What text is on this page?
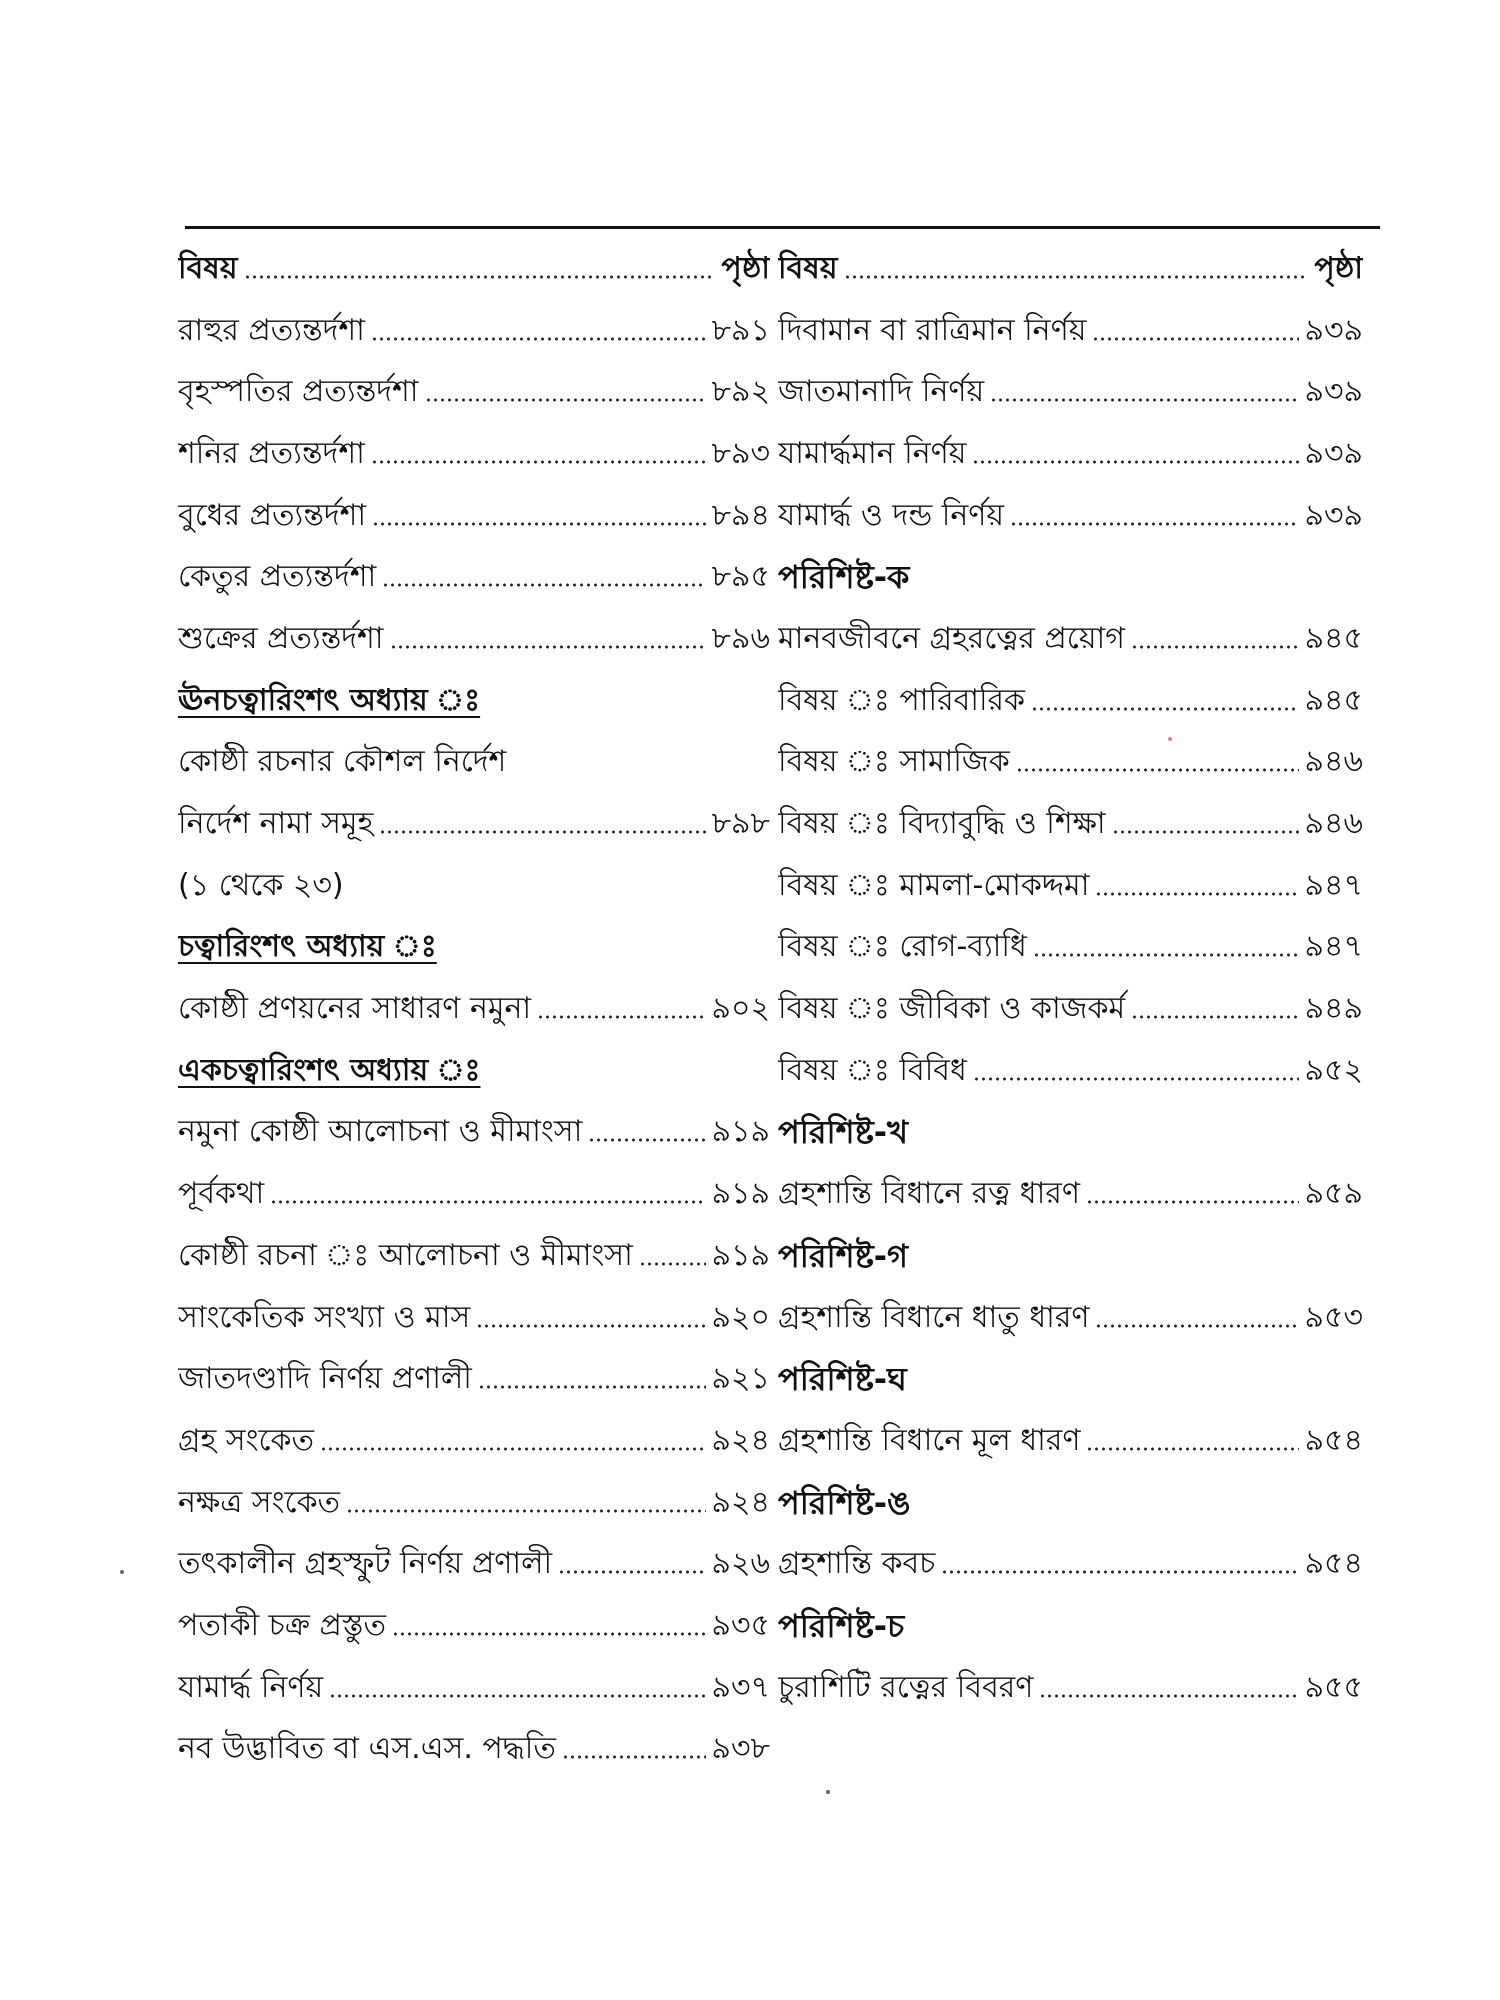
বিষয়	পৃষ্ঠা
রাহুর প্রত্যন্তর্দশা	৮৯১
বৃহস্পতির প্রত্যন্তর্দশা	৮৯২
শনির প্রত্যন্তর্দশা	৮৯৩
বুধের প্রত্যন্তর্দশা	৮৯৪
কেতুর প্রত্যন্তর্দশা	৮৯৫
শুক্রের প্রত্যন্তর্দশা	৮৯৬
ঊনচত্বারিংশৎ অধ্যায় ঃ
কোষ্ঠী রচনার কৌশল নির্দেশ
নির্দেশ নামা সমূহ	৮৯৮
(১ থেকে ২৩)
চত্বারিংশৎ অধ্যায় ঃ
কোষ্ঠী প্রণয়নের সাধারণ নমুনা	৯০২
একচত্বারিংশৎ অধ্যায় ঃ
নমুনা কোষ্ঠী আলোচনা ও মীমাংসা	৯১৯
পূর্বকথা	৯১৯
কোষ্ঠী রচনা ঃ আলোচনা ও মীমাংসা	৯১৯
সাংকেতিক সংখ্যা ও মাস	৯২০
জাতদণ্ডাদি নির্ণয় প্রণালী	৯২১
গ্রহ সংকেত	৯২৪
নক্ষত্র সংকেত	৯২৪
তৎকালীন গ্রহস্ফুট নির্ণয় প্রণালী	৯২৬
পতাকী চক্র প্রস্তুত	৯৩৫
যামার্দ্ধ নির্ণয়	৯৩৭
নব উদ্ভাবিত বা এস.এস. পদ্ধতি	৯৩৮
বিষয়	পৃষ্ঠা
দিবামান বা রাত্রিমান নির্ণয়	৯৩৯
জাতমানাদি নির্ণয়	৯৩৯
যামার্দ্ধমান নির্ণয়	৯৩৯
যামার্দ্ধ ও দন্ড নির্ণয়	৯৩৯
পরিশিষ্ট-ক
মানবজীবনে গ্রহরত্নের প্রয়োগ	৯৪৫
বিষয় ঃ পারিবারিক	৯৪৫
বিষয় ঃ সামাজিক	৯৪৬
বিষয় ঃ বিদ্যাবুদ্ধি ও শিক্ষা	৯৪৬
বিষয় ঃ মামলা-মোকদ্দমা	৯৪৭
বিষয় ঃ রোগ-ব্যাধি	৯৪৭
বিষয় ঃ জীবিকা ও কাজকর্ম	৯৪৯
বিষয় ঃ বিবিধ	৯৫২
পরিশিষ্ট-খ
গ্রহশান্তি বিধানে রত্ন ধারণ	৯৫৯
পরিশিষ্ট-গ
গ্রহশান্তি বিধানে ধাতু ধারণ	৯৫৩
পরিশিষ্ট-ঘ
গ্রহশান্তি বিধানে মূল ধারণ	৯৫৪
পরিশিষ্ট-ঙ
গ্রহশান্তি কবচ	৯৫৪
পরিশিষ্ট-চ
চুরাশিটি রত্নের বিবরণ	৯৫৫
